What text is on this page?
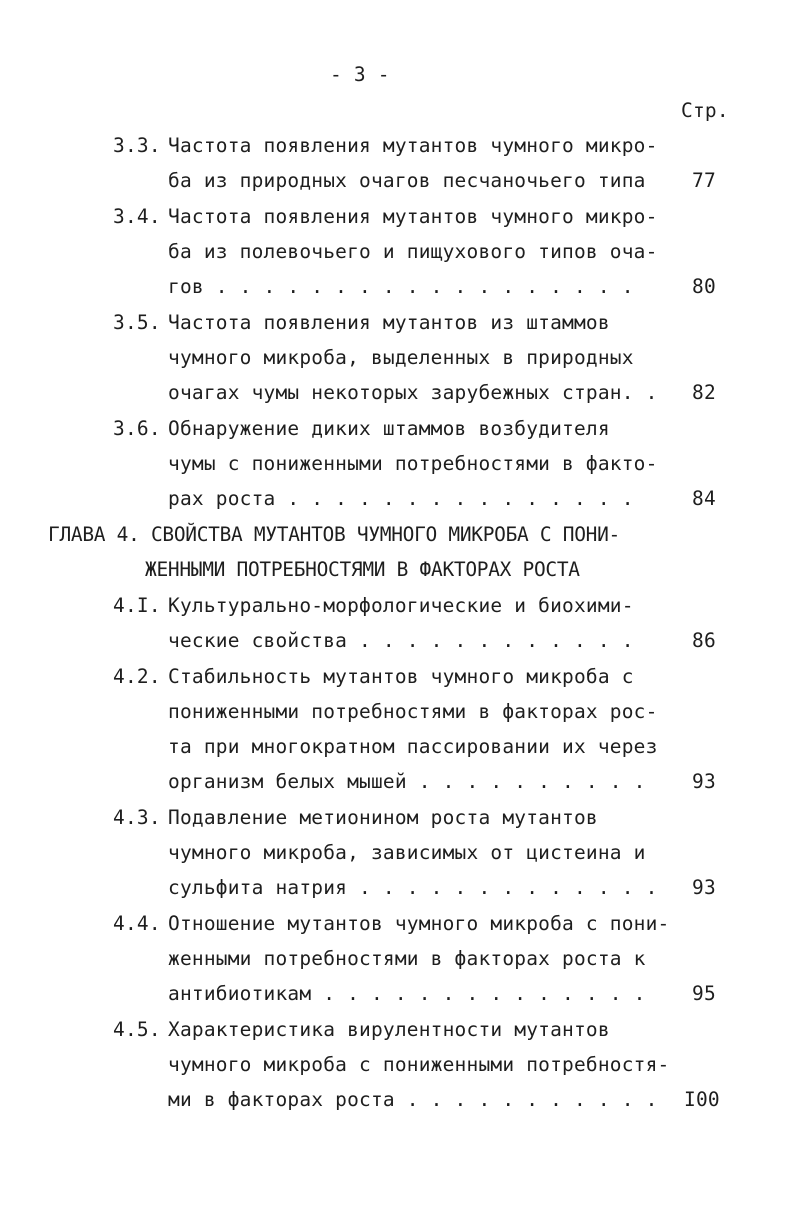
- 3 -
Стр.
3.3. Частота появления мутантов чумного микро-
ба из природных очагов песчаночьего типа 77
3.4. Частота появления мутантов чумного микро-
ба из полевочьего и пищухового типов оча-
гов . . . . . . . . . . . . . . . . . .	80
3.5. Частота появления мутантов из штаммов
чумного микроба, выделенных в природных
очагах чумы некоторых зарубежных стран. . 82
3.6. Обнаружение диких штаммов возбудителя
чумы с пониженными потребностями в факто-
рах роста . . . . . . . . . . . . . . .	84
ГЛАВА 4. СВОЙСТВА МУТАНТОВ ЧУМНОГО МИКРОБА С ПОНИ-
ЖЕННЫМИ ПОТРЕБНОСТЯМИ В ФАКТОРАХ РОСТА
4.I. Культурально-морфологические и биохими-
ческие свойства . . . . . . . . . . . .	86
4.2. Стабильность мутантов чумного микроба с
пониженными потребностями в факторах рос-
та при многократном пассировании их через
организм белых мышей . . . . . . . . . . 93
4.3. Подавление метионином роста мутантов
чумного микроба, зависимых от цистеина и
сульфита натрия . . . . . . . . . . . . . 93
4.4. Отношение мутантов чумного микроба с пони-
женными потребностями в факторах роста к
антибиотикам . . . . . . . . . . . . . . 95
4.5. Характеристика вирулентности мутантов
чумного микроба с пониженными потребностя-
ми в факторах роста . . . . . . . . . . . I00
